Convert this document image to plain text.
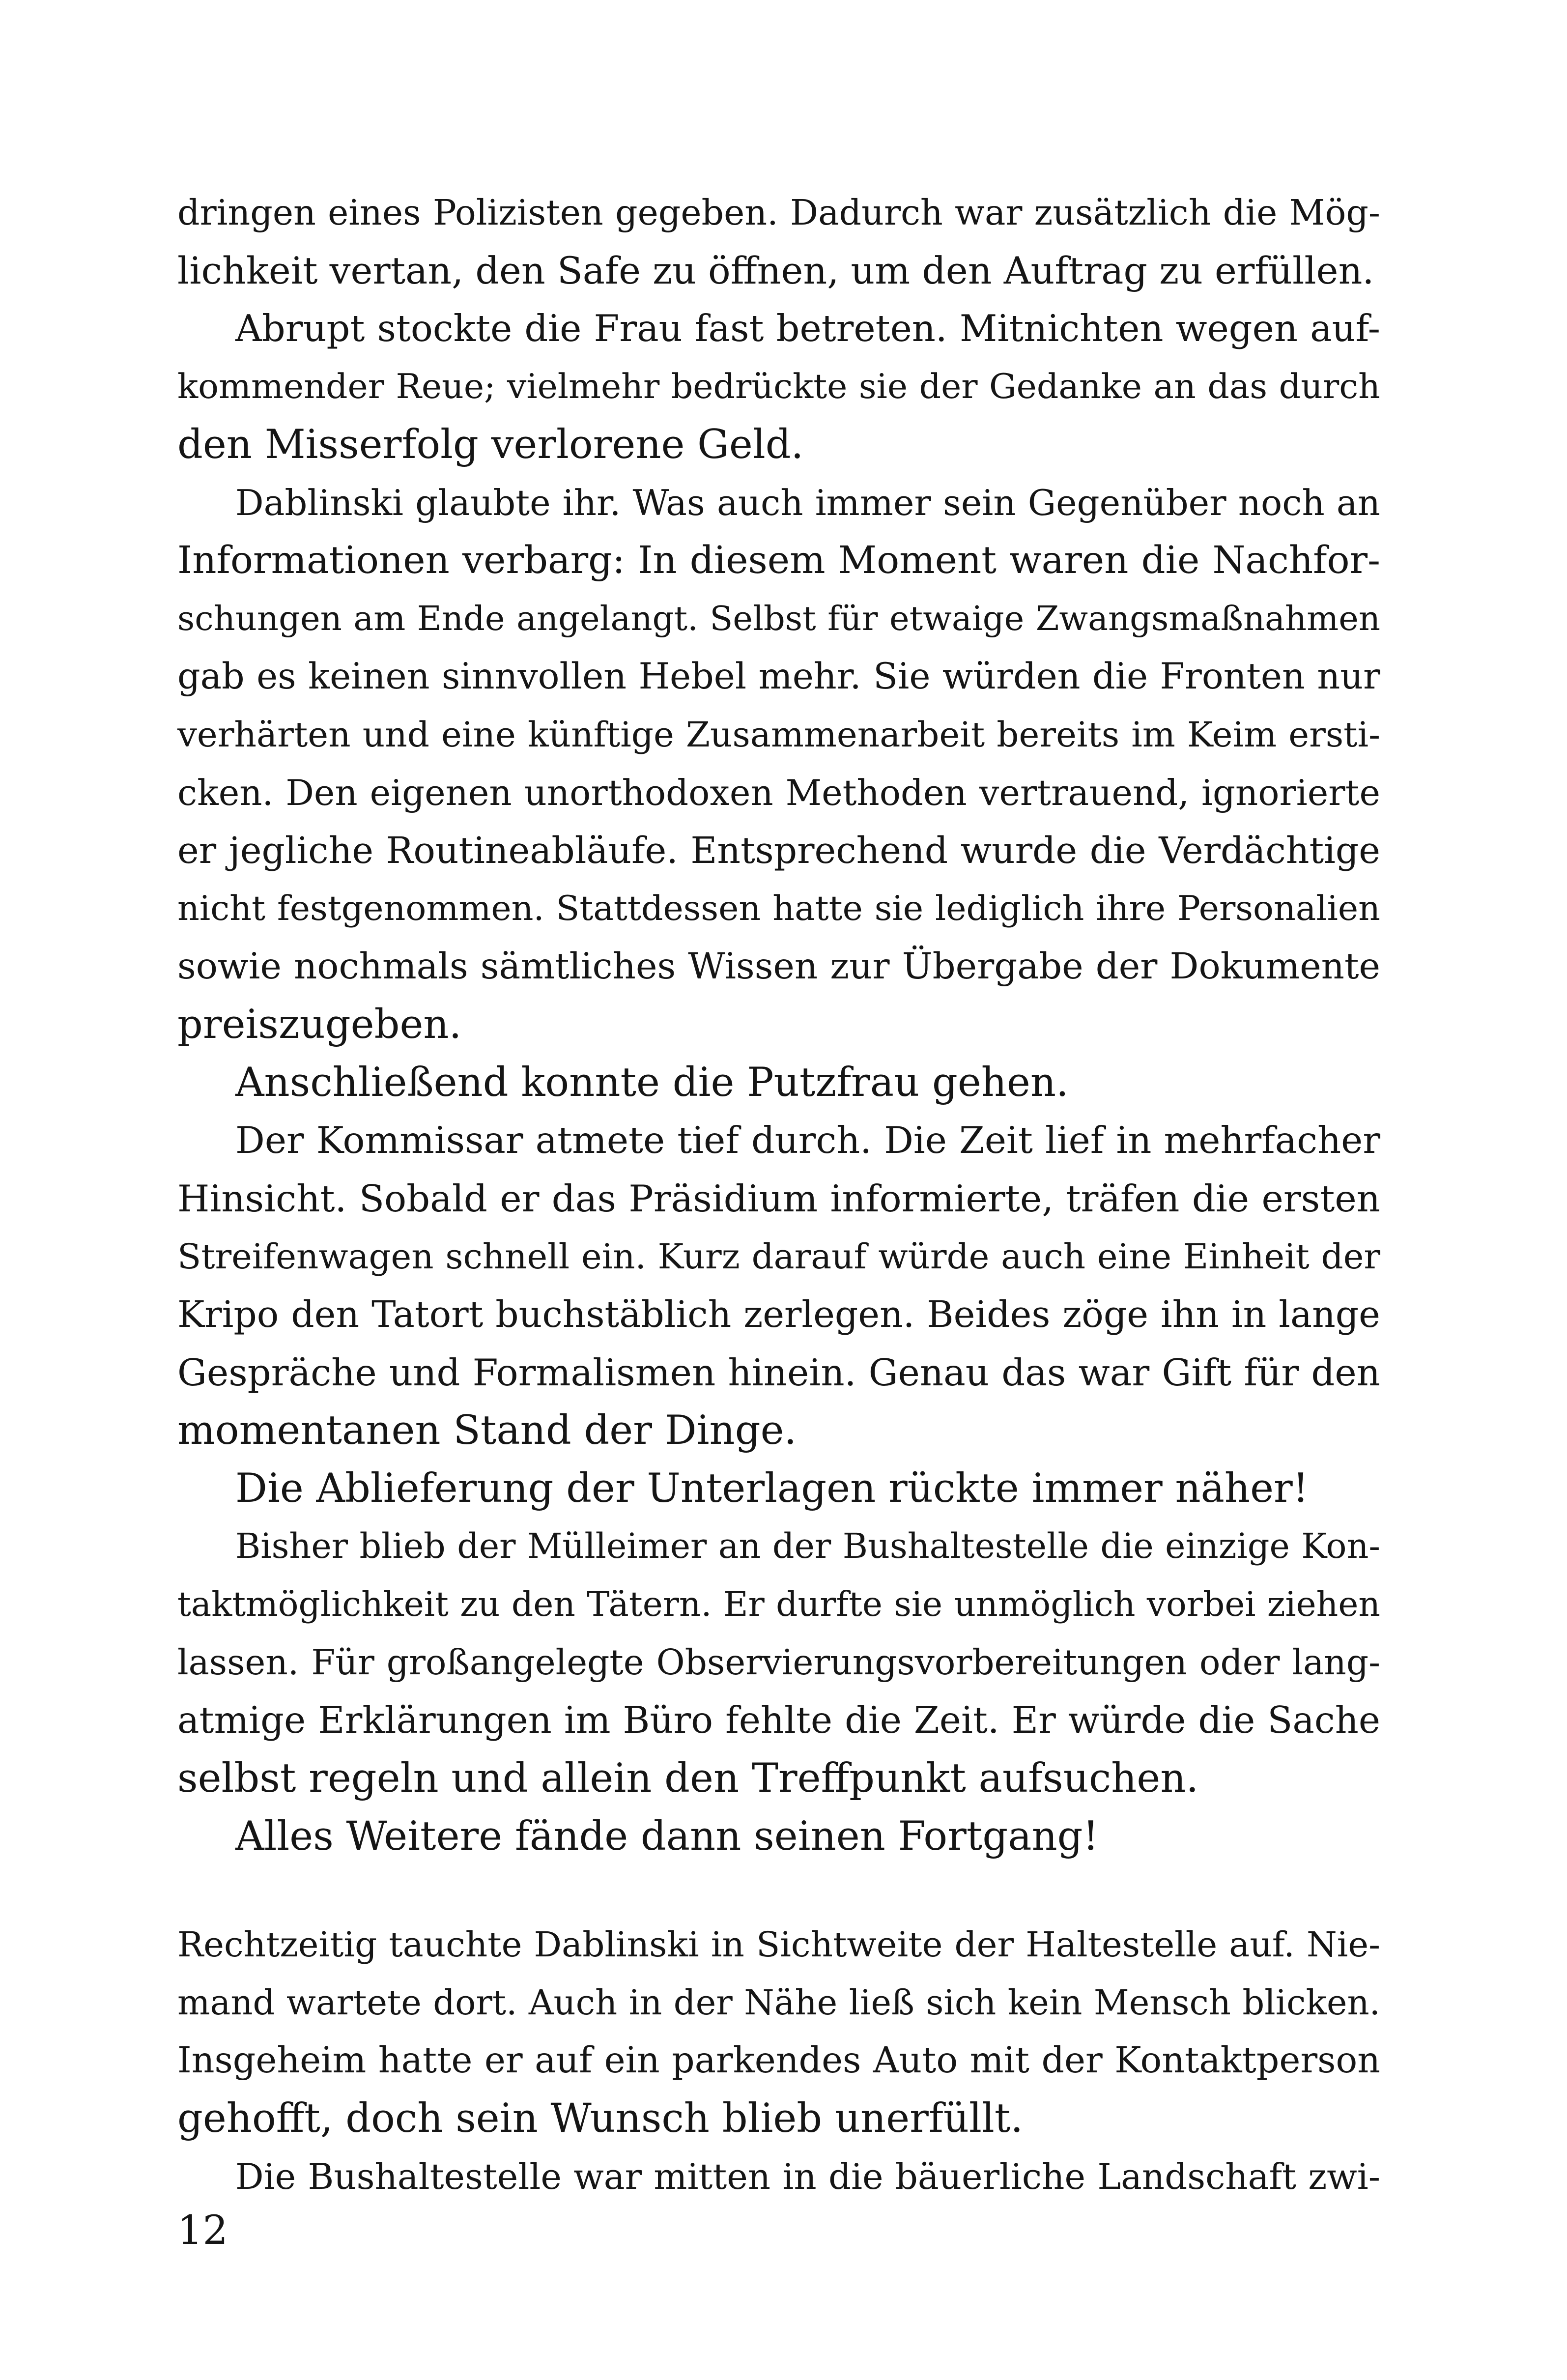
dringen eines Polizisten gegeben. Dadurch war zusätzlich die Mög-
lichkeit vertan, den Safe zu öffnen, um den Auftrag zu erfüllen.
Abrupt stockte die Frau fast betreten. Mitnichten wegen auf-
kommender Reue; vielmehr bedrückte sie der Gedanke an das durch
den Misserfolg verlorene Geld.
Dablinski glaubte ihr. Was auch immer sein Gegenüber noch an
Informationen verbarg: In diesem Moment waren die Nachfor-
schungen am Ende angelangt. Selbst für etwaige Zwangsmaßnahmen
gab es keinen sinnvollen Hebel mehr. Sie würden die Fronten nur
verhärten und eine künftige Zusammenarbeit bereits im Keim ersti-
cken. Den eigenen unorthodoxen Methoden vertrauend, ignorierte
er jegliche Routineabläufe. Entsprechend wurde die Verdächtige
nicht festgenommen. Stattdessen hatte sie lediglich ihre Personalien
sowie nochmals sämtliches Wissen zur Übergabe der Dokumente
preiszugeben.
Anschließend konnte die Putzfrau gehen.
Der Kommissar atmete tief durch. Die Zeit lief in mehrfacher
Hinsicht. Sobald er das Präsidium informierte, träfen die ersten
Streifenwagen schnell ein. Kurz darauf würde auch eine Einheit der
Kripo den Tatort buchstäblich zerlegen. Beides zöge ihn in lange
Gespräche und Formalismen hinein. Genau das war Gift für den
momentanen Stand der Dinge.
Die Ablieferung der Unterlagen rückte immer näher!
Bisher blieb der Mülleimer an der Bushaltestelle die einzige Kon-
taktmöglichkeit zu den Tätern. Er durfte sie unmöglich vorbei ziehen
lassen. Für großangelegte Observierungsvorbereitungen oder lang-
atmige Erklärungen im Büro fehlte die Zeit. Er würde die Sache
selbst regeln und allein den Treffpunkt aufsuchen.
Alles Weitere fände dann seinen Fortgang!
Rechtzeitig tauchte Dablinski in Sichtweite der Haltestelle auf. Nie-
mand wartete dort. Auch in der Nähe ließ sich kein Mensch blicken.
Insgeheim hatte er auf ein parkendes Auto mit der Kontaktperson
gehofft, doch sein Wunsch blieb unerfüllt.
Die Bushaltestelle war mitten in die bäuerliche Landschaft zwi-
12
